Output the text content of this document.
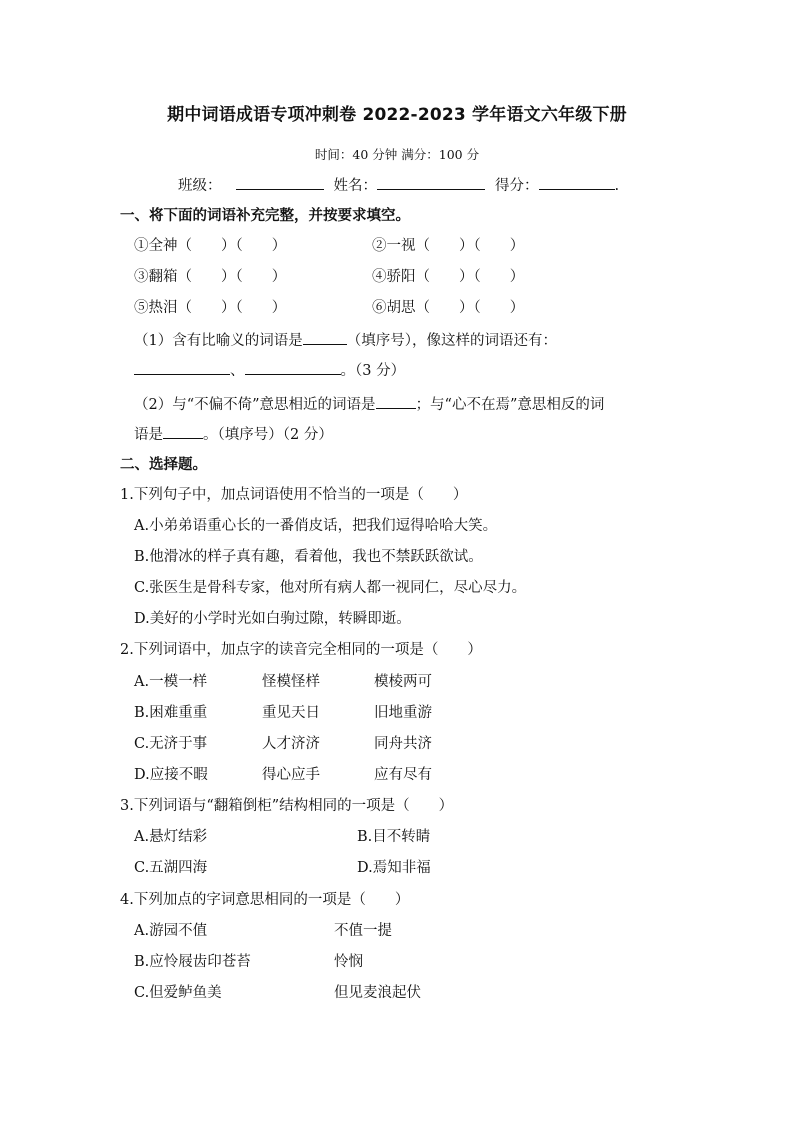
期中词语成语专项冲刺卷 2022-2023 学年语文六年级下册
时间：40 分钟 满分：100 分
班级：	姓名：	得分：	.
一、将下面的词语补充完整，并按要求填空。
①全神（　　）（　　）	②一视（　　）（　　）
③翻箱（　　）（　　）	④骄阳（　　）（　　）
⑤热泪（　　）（　　）	⑥胡思（　　）（　　）
（1）含有比喻义的词语是	（填序号），像这样的词语还有：
、	。（3 分）
（2）与“不偏不倚”意思相近的词语是	；与“心不在焉”意思相反的词
语是	。（填序号）（2 分）
二、选择题。
1.下列句子中，加点词语使用不恰当的一项是（　　）
A.小弟弟语重心长的一番俏皮话，把我们逗得哈哈大笑。
B.他滑冰的样子真有趣，看着他，我也不禁跃跃欲试。
C.张医生是骨科专家，他对所有病人都一视同仁，尽心尽力。
D.美好的小学时光如白驹过隙，转瞬即逝。
2.下列词语中，加点字的读音完全相同的一项是（　　）
A.一模一样	怪模怪样	模棱两可
B.困难重重	重见天日	旧地重游
C.无济于事	人才济济	同舟共济
D.应接不暇	得心应手	应有尽有
3.下列词语与“翻箱倒柜”结构相同的一项是（　　）
A.悬灯结彩	B.目不转睛
C.五湖四海	D.焉知非福
4.下列加点的字词意思相同的一项是（　　）
A.游园不值	不值一提
B.应怜屐齿印苍苔	怜悯
C.但爱鲈鱼美	但见麦浪起伏
